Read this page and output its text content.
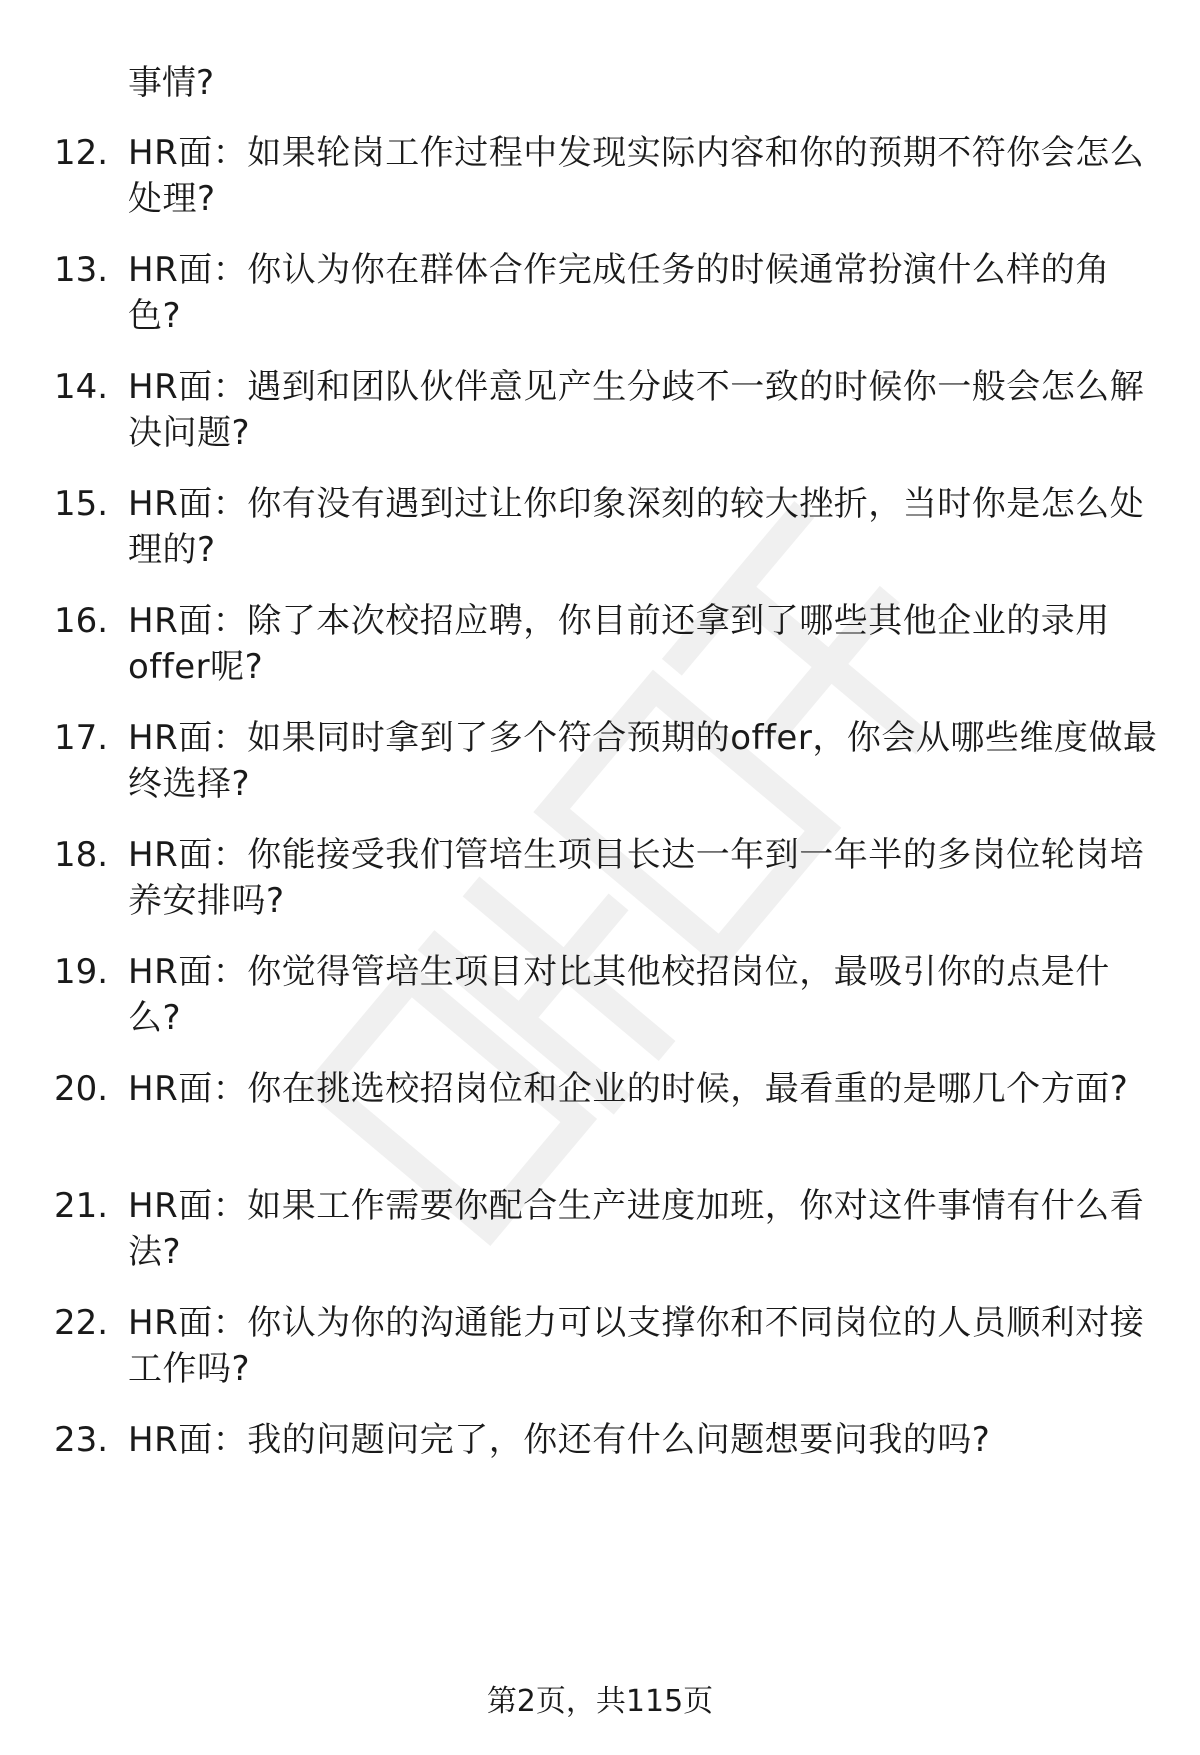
事情?
12. HR面：如果轮岗工作过程中发现实际内容和你的预期不符你会怎么处理?
13. HR面：你认为你在群体合作完成任务的时候通常扮演什么样的角色?
14. HR面：遇到和团队伙伴意见产生分歧不一致的时候你一般会怎么解决问题?
15. HR面：你有没有遇到过让你印象深刻的较大挫折，当时你是怎么处理的?
16. HR面：除了本次校招应聘，你目前还拿到了哪些其他企业的录用offer呢?
17. HR面：如果同时拿到了多个符合预期的offer，你会从哪些维度做最终选择?
18. HR面：你能接受我们管培生项目长达一年到一年半的多岗位轮岗培养安排吗?
19. HR面：你觉得管培生项目对比其他校招岗位，最吸引你的点是什么?
20. HR面：你在挑选校招岗位和企业的时候，最看重的是哪几个方面?
21. HR面：如果工作需要你配合生产进度加班，你对这件事情有什么看法?
22. HR面：你认为你的沟通能力可以支撑你和不同岗位的人员顺利对接工作吗?
23. HR面：我的问题问完了，你还有什么问题想要问我的吗?
第2页，共115页
